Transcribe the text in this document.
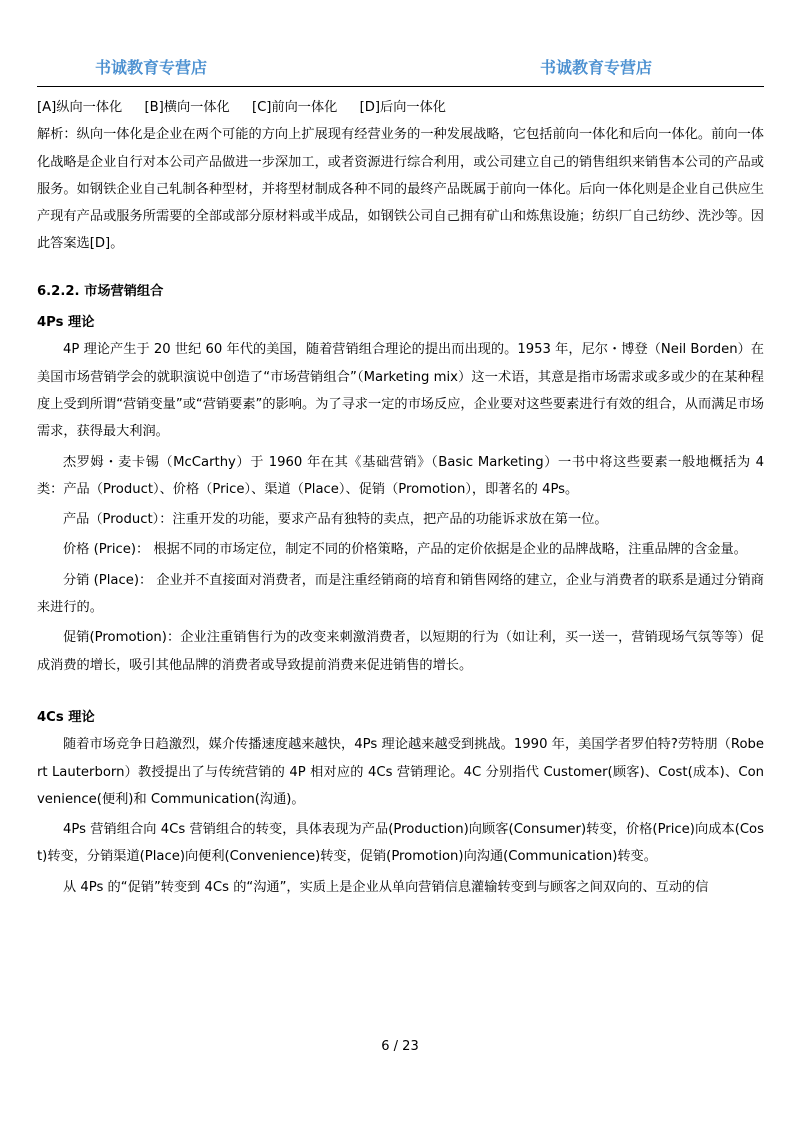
书诚教育专营店	书诚教育专营店

[A]纵向一体化 [B]横向一体化 [C]前向一体化 [D]后向一体化

解析：纵向一体化是企业在两个可能的方向上扩展现有经营业务的一种发展战略，它包括前向一体化和后向一体化。前向一体化战略是企业自行对本公司产品做进一步深加工，或者资源进行综合利用，或公司建立自己的销售组织来销售本公司的产品或服务。如钢铁企业自己轧制各种型材，并将型材制成各种不同的最终产品既属于前向一体化。后向一体化则是企业自己供应生产现有产品或服务所需要的全部或部分原材料或半成品，如钢铁公司自己拥有矿山和炼焦设施；纺织厂自己纺纱、洗沙等。因此答案选[D]。

6.2.2. 市场营销组合

4Ps 理论

4P 理论产生于 20 世纪 60 年代的美国，随着营销组合理论的提出而出现的。1953 年，尼尔・博登（Neil Borden）在美国市场营销学会的就职演说中创造了“市场营销组合”（Marketing mix）这一术语，其意是指市场需求或多或少的在某种程度上受到所谓“营销变量”或“营销要素”的影响。为了寻求一定的市场反应，企业要对这些要素进行有效的组合，从而满足市场需求，获得最大利润。

杰罗姆・麦卡锡（McCarthy）于 1960 年在其《基础营销》（Basic Marketing）一书中将这些要素一般地概括为 4 类：产品（Product）、价格（Price）、渠道（Place）、促销（Promotion），即著名的 4Ps。

产品（Product）：注重开发的功能，要求产品有独特的卖点，把产品的功能诉求放在第一位。

价格 (Price)： 根据不同的市场定位，制定不同的价格策略，产品的定价依据是企业的品牌战略，注重品牌的含金量。

分销 (Place)： 企业并不直接面对消费者，而是注重经销商的培育和销售网络的建立，企业与消费者的联系是通过分销商来进行的。

促销(Promotion)：企业注重销售行为的改变来刺激消费者，以短期的行为（如让利，买一送一，营销现场气氛等等）促成消费的增长，吸引其他品牌的消费者或导致提前消费来促进销售的增长。

4Cs 理论

随着市场竞争日趋激烈，媒介传播速度越来越快，4Ps 理论越来越受到挑战。1990 年，美国学者罗伯特?劳特朋（Robert Lauterborn）教授提出了与传统营销的 4P 相对应的 4Cs 营销理论。4C 分别指代 Customer(顾客)、Cost(成本)、Convenience(便利)和 Communication(沟通)。

4Ps 营销组合向 4Cs 营销组合的转变，具体表现为产品(Production)向顾客(Consumer)转变，价格(Price)向成本(Cost)转变，分销渠道(Place)向便利(Convenience)转变，促销(Promotion)向沟通(Communication)转变。

从 4Ps 的“促销”转变到 4Cs 的“沟通”，实质上是企业从单向营销信息灌输转变到与顾客之间双向的、互动的信

6 / 23
